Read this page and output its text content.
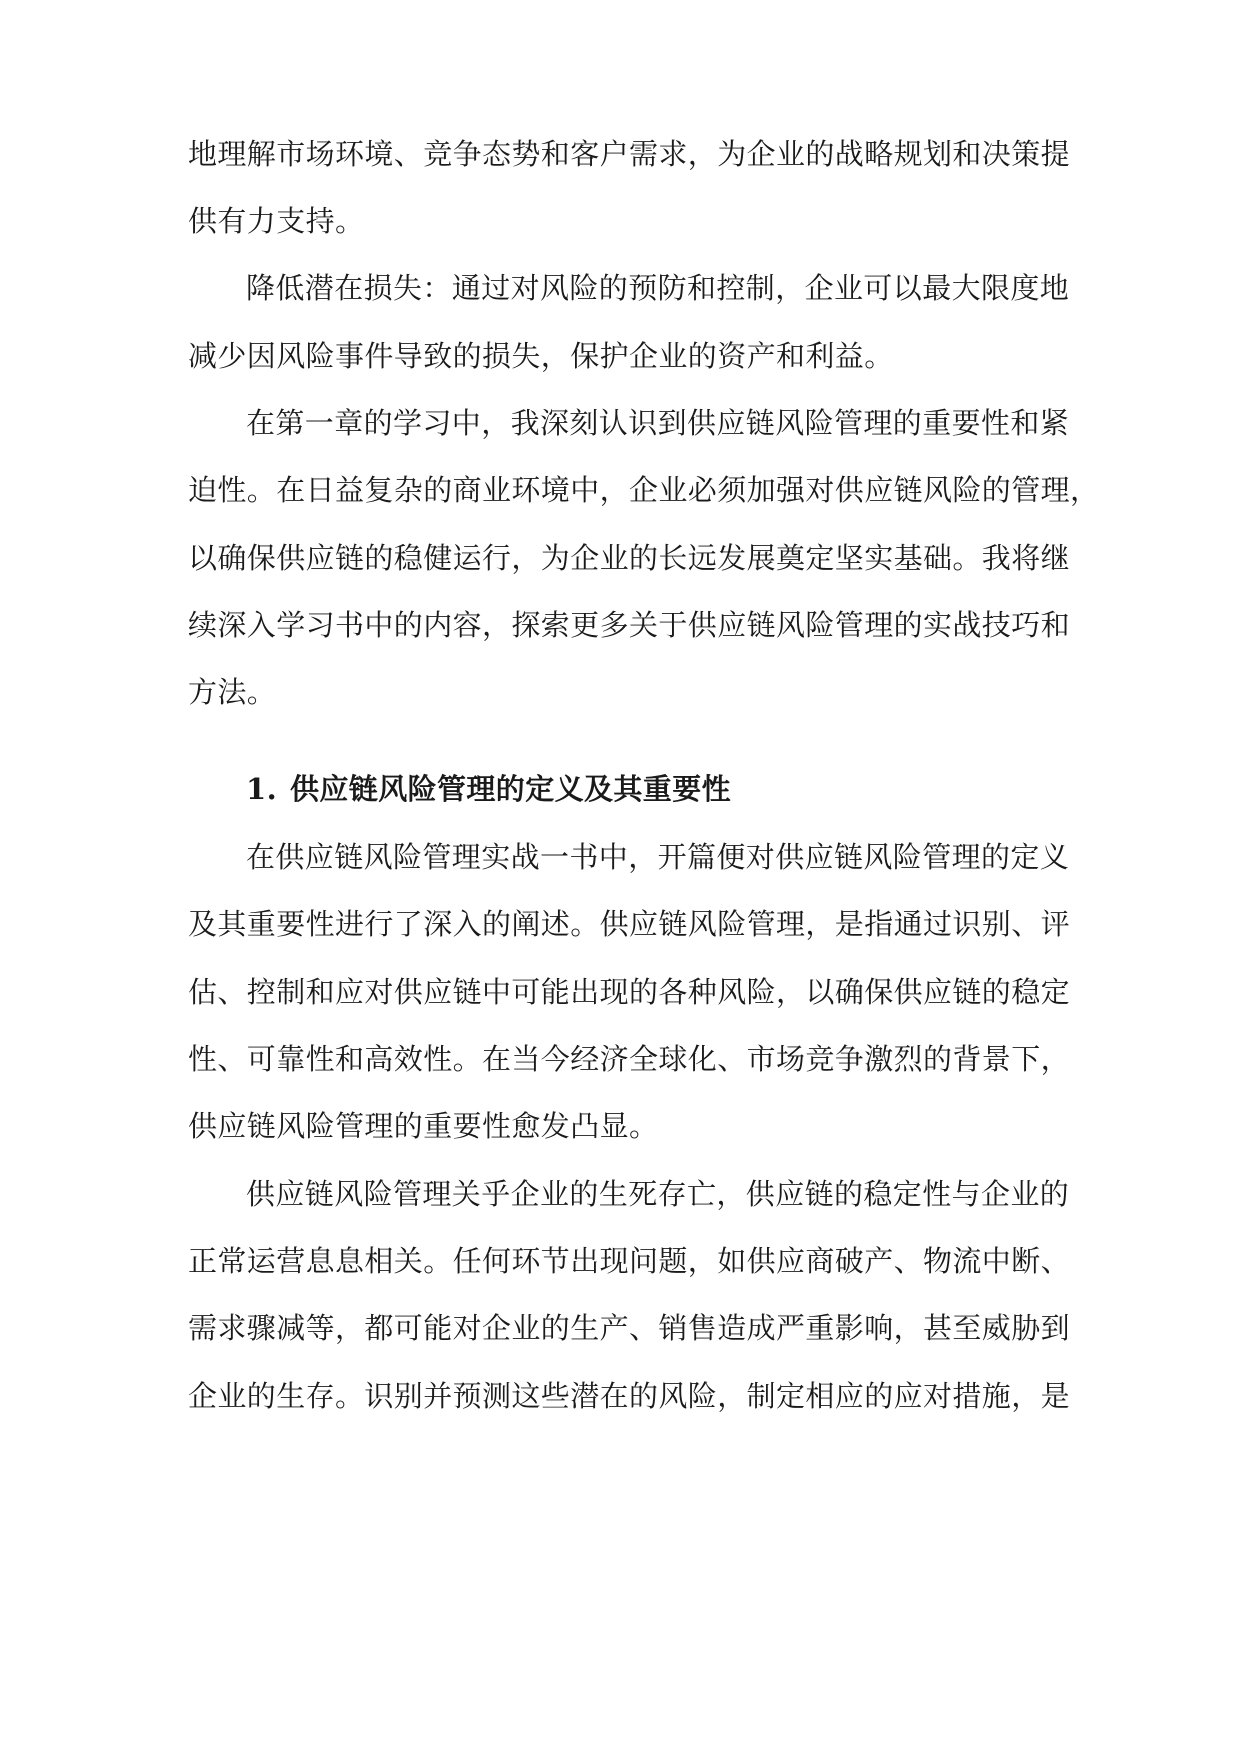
地理解市场环境、竞争态势和客户需求，为企业的战略规划和决策提
供有力支持。
降低潜在损失：通过对风险的预防和控制，企业可以最大限度地
减少因风险事件导致的损失，保护企业的资产和利益。
在第一章的学习中，我深刻认识到供应链风险管理的重要性和紧
迫性。在日益复杂的商业环境中，企业必须加强对供应链风险的管理，
以确保供应链的稳健运行，为企业的长远发展奠定坚实基础。我将继
续深入学习书中的内容，探索更多关于供应链风险管理的实战技巧和
方法。
1. 供应链风险管理的定义及其重要性
在供应链风险管理实战一书中，开篇便对供应链风险管理的定义
及其重要性进行了深入的阐述。供应链风险管理，是指通过识别、评
估、控制和应对供应链中可能出现的各种风险，以确保供应链的稳定
性、可靠性和高效性。在当今经济全球化、市场竞争激烈的背景下，
供应链风险管理的重要性愈发凸显。
供应链风险管理关乎企业的生死存亡，供应链的稳定性与企业的
正常运营息息相关。任何环节出现问题，如供应商破产、物流中断、
需求骤减等，都可能对企业的生产、销售造成严重影响，甚至威胁到
企业的生存。识别并预测这些潜在的风险，制定相应的应对措施，是
